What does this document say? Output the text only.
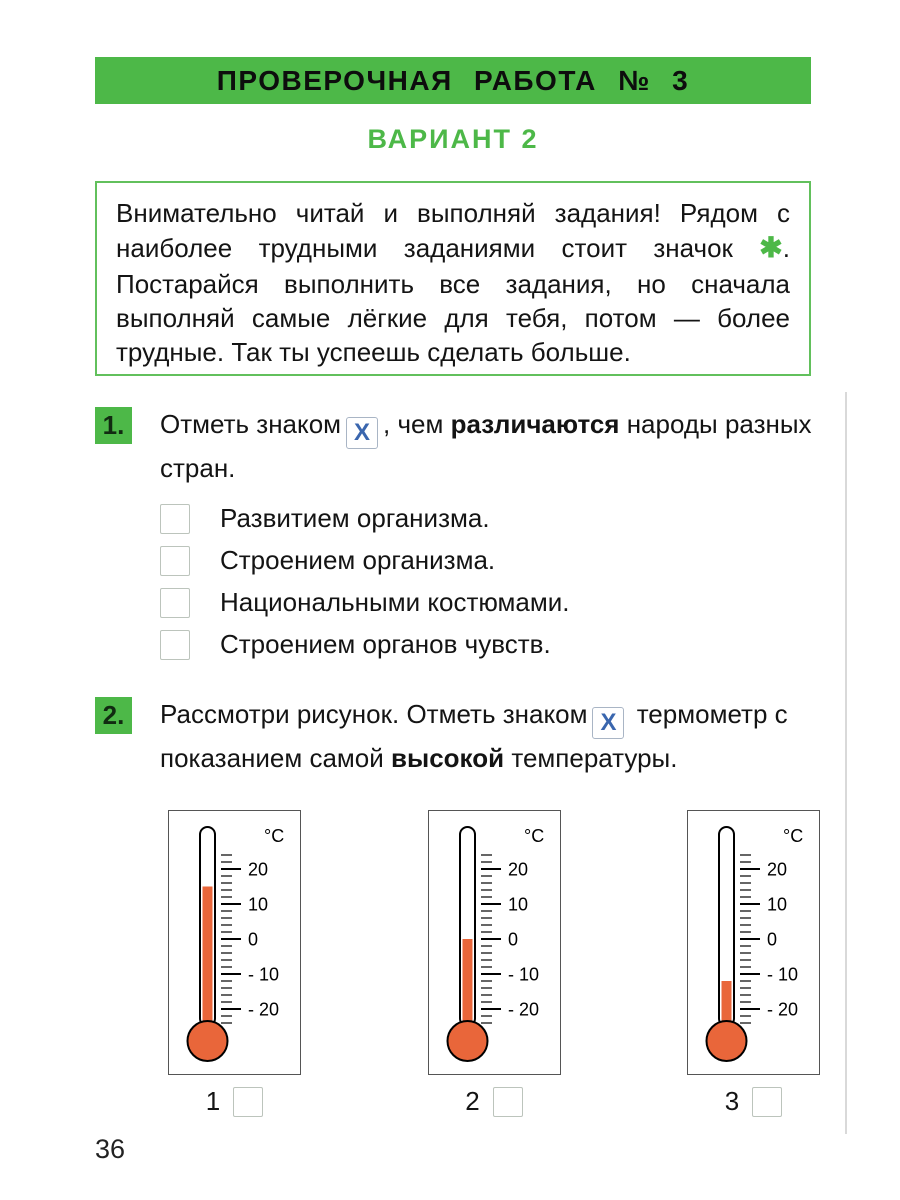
ПРОВЕРОЧНАЯ РАБОТА № 3
ВАРИАНТ 2
Внимательно читай и выполняй задания! Рядом с наиболее трудными заданиями стоит значок ✱. Постарайся выполнить все задания, но сначала выполняй самые лёгкие для тебя, потом — более трудные. Так ты успеешь сделать больше.
1. Отметь знаком X , чем различаются народы разных стран.
Развитием организма.
Строением организма.
Национальными костюмами.
Строением органов чувств.
2. Рассмотри рисунок. Отметь знаком X термометр с показанием самой высокой температуры.
20
10
0
- 10
- 20
°C
20
10
0
- 10
- 20
°C
20
10
0
- 10
- 20
°C
1	2	3
36
